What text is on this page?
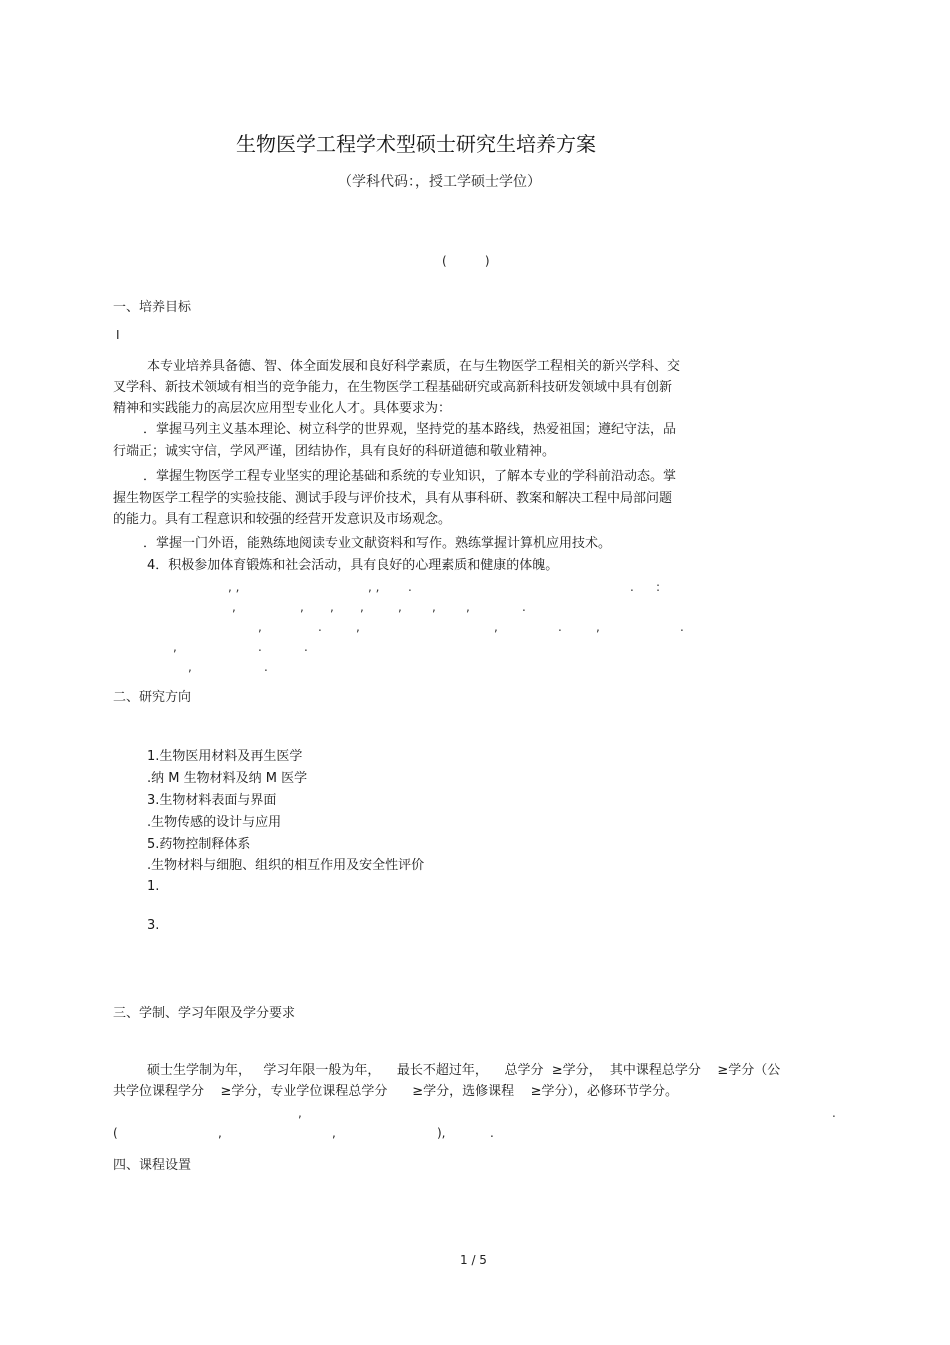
生物医学工程学术型硕士研究生培养方案
（学科代码：，授工学硕士学位）
(          )
一、培养目标
Ⅰ
本专业培养具备德、智、体全面发展和良好科学素质，在与生物医学工程相关的新兴学科、交
叉学科、新技术领域有相当的竞争能力，在生物医学工程基础研究或高新科技研发领域中具有创新
精神和实践能力的高层次应用型专业化人才。具体要求为：
．掌握马列主义基本理论、树立科学的世界观，坚持党的基本路线，热爱祖国；遵纪守法，品
行端正；诚实守信，学风严谨，团结协作，具有良好的科研道德和敬业精神。
．掌握生物医学工程专业坚实的理论基础和系统的专业知识，了解本专业的学科前沿动态。掌
握生物医学工程学的实验技能、测试手段与评价技术，具有从事科研、教案和解决工程中局部问题
的能力。具有工程意识和较强的经营开发意识及市场观念。
．掌握一门外语，能熟练地阅读专业文献资料和写作。熟练掌握计算机应用技术。
4．积极参加体育锻炼和社会活动，具有良好的心理素质和健康的体魄。
, ,	, , .	. :
,	, , ,	,	,	,	.
,	.	,	,	.	,	.
,	.	.
,	.
二、研究方向
1.生物医用材料及再生医学
.纳 M 生物材料及纳 M 医学
3.生物材料表面与界面
.生物传感的设计与应用
5.药物控制释体系
.生物材料与细胞、组织的相互作用及安全性评价
1.
3.
三、学制、学习年限及学分要求
硕士生学制为年，   学习年限一般为年，    最长不超过年，    总学分  ≥学分，  其中课程总学分    ≥学分（公
共学位课程学分    ≥学分，专业学位课程总学分      ≥学分，选修课程    ≥学分），必修环节学分。
,	.
(	,	,	),	.
四、课程设置
1 / 5
